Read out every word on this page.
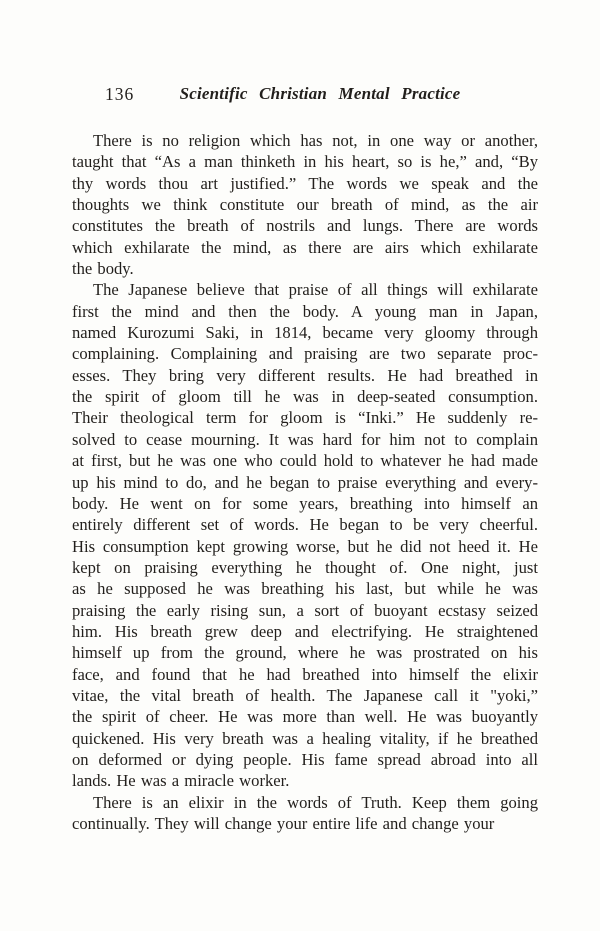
136	Scientific Christian Mental Practice
There is no religion which has not, in one way or another,
taught that “As a man thinketh in his heart, so is he,” and, “By
thy words thou art justified.” The words we speak and the
thoughts we think constitute our breath of mind, as the air
constitutes the breath of nostrils and lungs. There are words
which exhilarate the mind, as there are airs which exhilarate
the body.
The Japanese believe that praise of all things will exhilarate
first the mind and then the body. A young man in Japan,
named Kurozumi Saki, in 1814, became very gloomy through
complaining. Complaining and praising are two separate proc-
esses. They bring very different results. He had breathed in
the spirit of gloom till he was in deep-seated consumption.
Their theological term for gloom is “Inki.” He suddenly re-
solved to cease mourning. It was hard for him not to complain
at first, but he was one who could hold to whatever he had made
up his mind to do, and he began to praise everything and every-
body. He went on for some years, breathing into himself an
entirely different set of words. He began to be very cheerful.
His consumption kept growing worse, but he did not heed it. He
kept on praising everything he thought of. One night, just
as he supposed he was breathing his last, but while he was
praising the early rising sun, a sort of buoyant ecstasy seized
him. His breath grew deep and electrifying. He straightened
himself up from the ground, where he was prostrated on his
face, and found that he had breathed into himself the elixir
vitae, the vital breath of health. The Japanese call it "yoki,”
the spirit of cheer. He was more than well. He was buoyantly
quickened. His very breath was a healing vitality, if he breathed
on deformed or dying people. His fame spread abroad into all
lands. He was a miracle worker.
There is an elixir in the words of Truth. Keep them going
continually. They will change your entire life and change your
